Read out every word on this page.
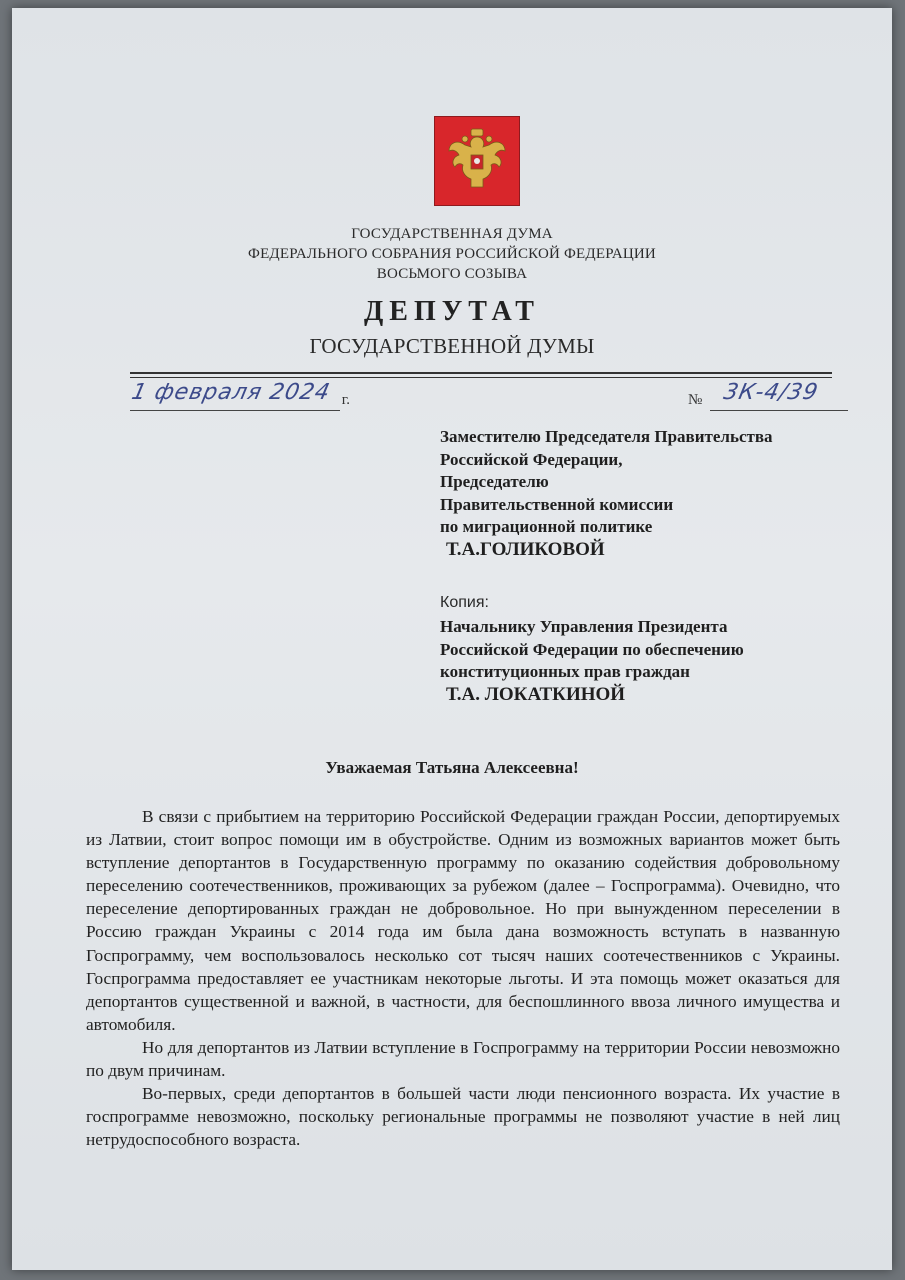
ГОСУДАРСТВЕННАЯ ДУМА
ФЕДЕРАЛЬНОГО СОБРАНИЯ РОССИЙСКОЙ ФЕДЕРАЦИИ
ВОСЬМОГО СОЗЫВА
ДЕПУТАТ
ГОСУДАРСТВЕННОЙ ДУМЫ
1 февраля 2024 г.	№ 3К-4/39
Заместителю Председателя Правительства
Российской Федерации,
Председателю
Правительственной комиссии
по миграционной политике
Т.А.ГОЛИКОВОЙ
Копия:
Начальнику Управления Президента
Российской Федерации по обеспечению
конституционных прав граждан
Т.А. ЛОКАТКИНОЙ
Уважаемая Татьяна Алексеевна!

В связи с прибытием на территорию Российской Федерации граждан России, депортируемых из Латвии, стоит вопрос помощи им в обустройстве. Одним из возможных вариантов может быть вступление депортантов в Государственную программу по оказанию содействия добровольному переселению соотечественников, проживающих за рубежом (далее – Госпрограмма). Очевидно, что переселение депортированных граждан не добровольное. Но при вынужденном переселении в Россию граждан Украины с 2014 года им была дана возможность вступать в названную Госпрограмму, чем воспользовалось несколько сот тысяч наших соотечественников с Украины. Госпрограмма предоставляет ее участникам некоторые льготы. И эта помощь может оказаться для депортантов существенной и важной, в частности, для беспошлинного ввоза личного имущества и автомобиля.

Но для депортантов из Латвии вступление в Госпрограмму на территории России невозможно по двум причинам.

Во-первых, среди депортантов в большей части люди пенсионного возраста. Их участие в госпрограмме невозможно, поскольку региональные программы не позволяют участие в ней лиц нетрудоспособного возраста.
